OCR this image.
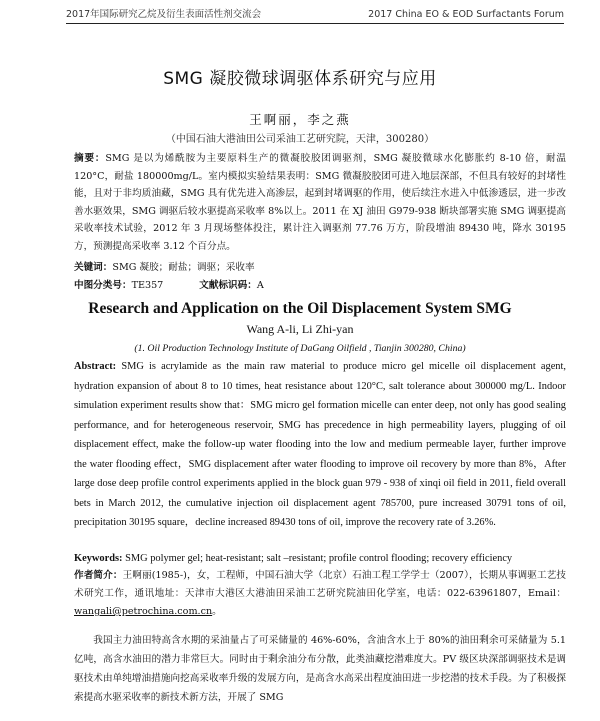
2017年国际研究乙烷及衍生表面活性剂交流会	2017 China EO & EOD Surfactants Forum
SMG 凝胶微球调驱体系研究与应用
王啊丽，李之燕
（中国石油大港油田公司采油工艺研究院，天津，300280）
摘要：SMG 是以为烯酰胺为主要原料生产的微凝胶胶团调驱剂，SMG 凝胶微球水化膨胀约 8-10 倍，耐温 120°C，耐盐 180000mg/L。室内模拟实验结果表明：SMG 微凝胶胶团可进入地层深部，不但具有较好的封堵性能，且对于非均质油藏，SMG 具有优先进入高渗层，起到封堵调驱的作用，使后续注水进入中低渗透层，进一步改善水驱效果，SMG 调驱后较水驱提高采收率 8%以上。2011 在 XJ 油田 G979-938 断块部署实施 SMG 调驱提高采收率技术试验，2012 年 3 月现场整体投注，累计注入调驱剂 77.76 万方，阶段增油 89430 吨，降水 30195 方，预测提高采收率 3.12 个百分点。
关键词：SMG 凝胶；耐盐；调驱；采收率
中图分类号：TE357	文献标识码：A
Research and Application on the Oil Displacement System SMG
Wang A-li, Li Zhi-yan
(1. Oil Production Technology Institute of DaGang Oilfield , Tianjin 300280, China)
Abstract: SMG is acrylamide as the main raw material to produce micro gel micelle oil displacement agent, hydration expansion of about 8 to 10 times, heat resistance about 120°C, salt tolerance about 300000 mg/L. Indoor simulation experiment results show that：SMG micro gel formation micelle can enter deep, not only has good sealing performance, and for heterogeneous reservoir, SMG has precedence in high permeability layers, plugging of oil displacement effect, make the follow-up water flooding into the low and medium permeable layer, further improve the water flooding effect，SMG displacement after water flooding to improve oil recovery by more than 8%，After large dose deep profile control experiments applied in the block guan 979 - 938 of xinqi oil field in 2011, field overall bets in March 2012, the cumulative injection oil displacement agent 785700, pure increased 30791 tons of oil, precipitation 30195 square，decline increased 89430 tons of oil, improve the recovery rate of 3.26%.
Keywords: SMG polymer gel; heat-resistant; salt –resistant; profile control flooding; recovery efficiency
作者简介：王啊丽(1985-)，女，工程师，中国石油大学（北京）石油工程工学学士（2007），长期从事调驱工艺技术研究工作，通讯地址：天津市大港区大港油田采油工艺研究院油田化学室，电话：022-63961807，Email：wangali@petrochina.com.cn。
我国主力油田特高含水期的采油量占了可采储量的 46%-60%，含油含水上于 80%的油田剩余可采储量为 5.1 亿吨，高含水油田的潜力非常巨大。同时由于剩余油分布分散，此类油藏挖潜难度大。PV 级区块深部调驱技术是调驱技术由单纯增油措施向挖高采收率升级的发展方向，是高含水高采出程度油田进一步挖潜的技术手段。为了积极探索提高水驱采收率的新技术新方法，开展了 SMG
